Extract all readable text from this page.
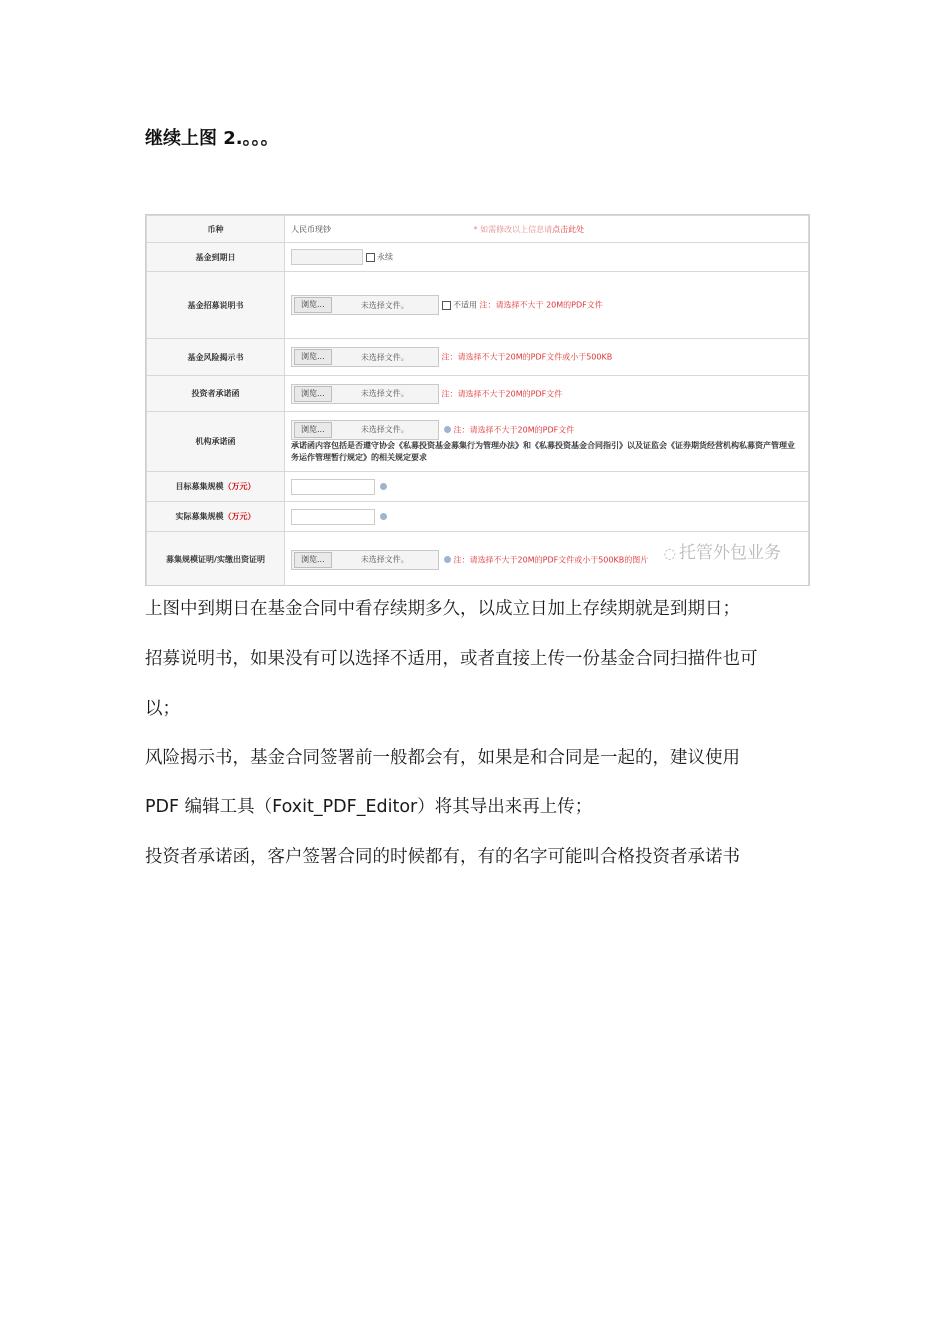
继续上图 2.。。。
币种	人民币现钞 * 如需修改以上信息请点击此处
基金到期日	永续
基金招募说明书	浏览... 未选择文件。 不适用 注：请选择不大于 20M的PDF文件
基金风险揭示书	浏览... 未选择文件。 注：请选择不大于20M的PDF文件或小于500KB
投资者承诺函	浏览... 未选择文件。 注：请选择不大于20M的PDF文件
机构承诺函	浏览... 未选择文件。 注：请选择不大于20M的PDF文件
承诺函内容包括是否遵守协会《私募投资基金募集行为管理办法》和《私募投资基金合同指引》以及证监会《证券期货经营机构私募资产管理业务运作管理暂行规定》的相关规定要求

目标募集规模（万元）	
实际募集规模（万元）	
募集规模证明/实缴出资证明	浏览... 未选择文件。 注：请选择不大于20M的PDF文件或小于500KB的图片 ◌ 托管外包业务
上图中到期日在基金合同中看存续期多久，以成立日加上存续期就是到期日；
招募说明书，如果没有可以选择不适用，或者直接上传一份基金合同扫描件也可
以；
风险揭示书，基金合同签署前一般都会有，如果是和合同是一起的，建议使用
PDF 编辑工具（Foxit_PDF_Editor）将其导出来再上传；
投资者承诺函，客户签署合同的时候都有，有的名字可能叫合格投资者承诺书
